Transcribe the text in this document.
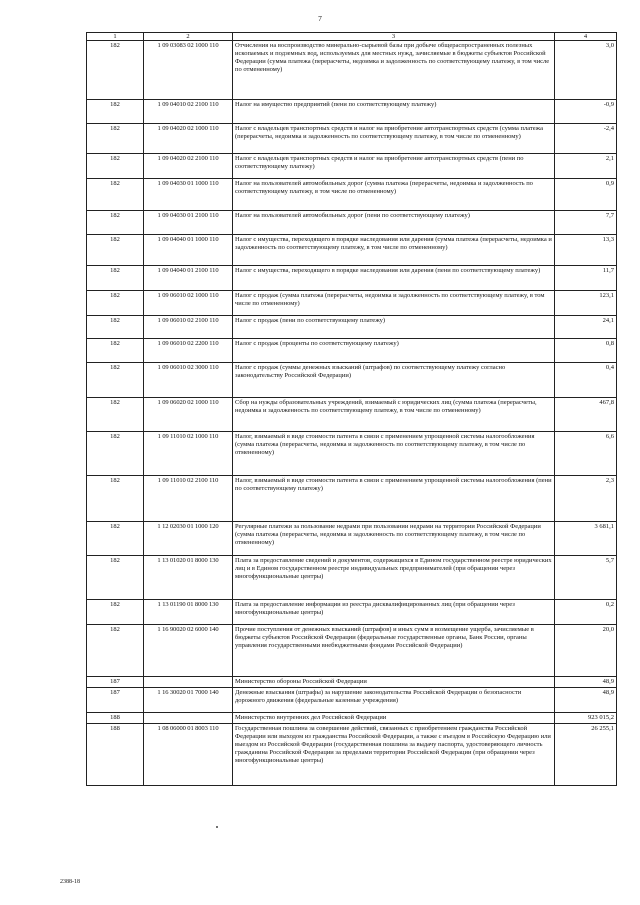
7
1	2	3	4
182	1 09 03083 02 1000 110	Отчисления на воспроизводство минерально-сырьевой базы при добыче общераспространенных полезных ископаемых и подземных вод, используемых для местных нужд, зачисляемые в бюджеты субъектов Российской Федерации (сумма платежа (перерасчеты, недоимка и задолженность по соответствующему платежу, в том числе по отмененному)	3,0
182	1 09 04010 02 2100 110	Налог на имущество предприятий (пени по соответствующему платежу)	-0,9
182	1 09 04020 02 1000 110	Налог с владельцев транспортных средств и налог на приобретение автотранспортных средств (сумма платежа (перерасчеты, недоимка и задолженность по соответствующему платежу, в том числе по отмененному)	-2,4
182	1 09 04020 02 2100 110	Налог с владельцев транспортных средств и налог на приобретение автотранспортных средств (пени по соответствующему платежу)	2,1
182	1 09 04030 01 1000 110	Налог на пользователей автомобильных дорог (сумма платежа (перерасчеты, недоимка и задолженность по соответствующему платежу, в том числе по отмененному)	0,9
182	1 09 04030 01 2100 110	Налог на пользователей автомобильных дорог (пени по соответствующему платежу)	7,7
182	1 09 04040 01 1000 110	Налог с имущества, переходящего в порядке наследования или дарения (сумма платежа (перерасчеты, недоимка и задолженность по соответствующему платежу, в том числе по отмененному)	13,3
182	1 09 04040 01 2100 110	Налог с имущества, переходящего в порядке наследования или дарения (пени по соответствующему платежу)	11,7
182	1 09 06010 02 1000 110	Налог с продаж (сумма платежа (перерасчеты, недоимка и задолженность по соответствующему платежу, в том числе по отмененному)	123,1
182	1 09 06010 02 2100 110	Налог с продаж (пени по соответствующему платежу)	24,1
182	1 09 06010 02 2200 110	Налог с продаж (проценты по соответствующему платежу)	0,8
182	1 09 06010 02 3000 110	Налог с продаж (суммы денежных взысканий (штрафов) по соответствующему платежу согласно законодательству Российской Федерации)	0,4
182	1 09 06020 02 1000 110	Сбор на нужды образовательных учреждений, взимаемый с юридических лиц (сумма платежа (перерасчеты, недоимка и задолженность по соответствующему платежу, в том числе по отмененному)	467,8
182	1 09 11010 02 1000 110	Налог, взимаемый в виде стоимости патента в связи с применением упрощенной системы налогообложения (сумма платежа (перерасчеты, недоимка и задолженность по соответствующему платежу, в том числе по отмененному)	6,6
182	1 09 11010 02 2100 110	Налог, взимаемый в виде стоимости патента в связи с применением упрощенной системы налогообложения (пени по соответствующему платежу)	2,3
182	1 12 02030 01 1000 120	Регулярные платежи за пользование недрами при пользовании недрами на территории Российской Федерации (сумма платежа (перерасчеты, недоимка и задолженность по соответствующему платежу, в том числе по отмененному)	3 681,1
182	1 13 01020 01 8000 130	Плата за предоставление сведений и документов, содержащихся в Едином государственном реестре юридических лиц и в Едином государственном реестре индивидуальных предпринимателей (при обращении через многофункциональные центры)	5,7
182	1 13 01190 01 8000 130	Плата за предоставление информации из реестра дисквалифицированных лиц (при обращении через многофункциональные центры)	0,2
182	1 16 90020 02 6000 140	Прочие поступления от денежных взысканий (штрафов) и иных сумм в возмещение ущерба, зачисляемые в бюджеты субъектов Российской Федерации (федеральные государственные органы, Банк России, органы управления государственными внебюджетными фондами Российской Федерации)	20,0
187		Министерство обороны Российской Федерации	48,9
187	1 16 30020 01 7000 140	Денежные взыскания (штрафы) за нарушение законодательства Российской Федерации о безопасности дорожного движения (федеральные казенные учреждения)	48,9
188		Министерство внутренних дел Российской Федерации	923 015,2
188	1 08 06000 01 8003 110	Государственная пошлина за совершение действий, связанных с приобретением гражданства Российской Федерации или выходом из гражданства Российской Федерации, а также с въездом в Российскую Федерацию или выездом из Российской Федерации (государственная пошлина за выдачу паспорта, удостоверяющего личность гражданина Российской Федерации за пределами территории Российской Федерации (при обращении через многофункциональные центры)	26 255,1
2388-18
